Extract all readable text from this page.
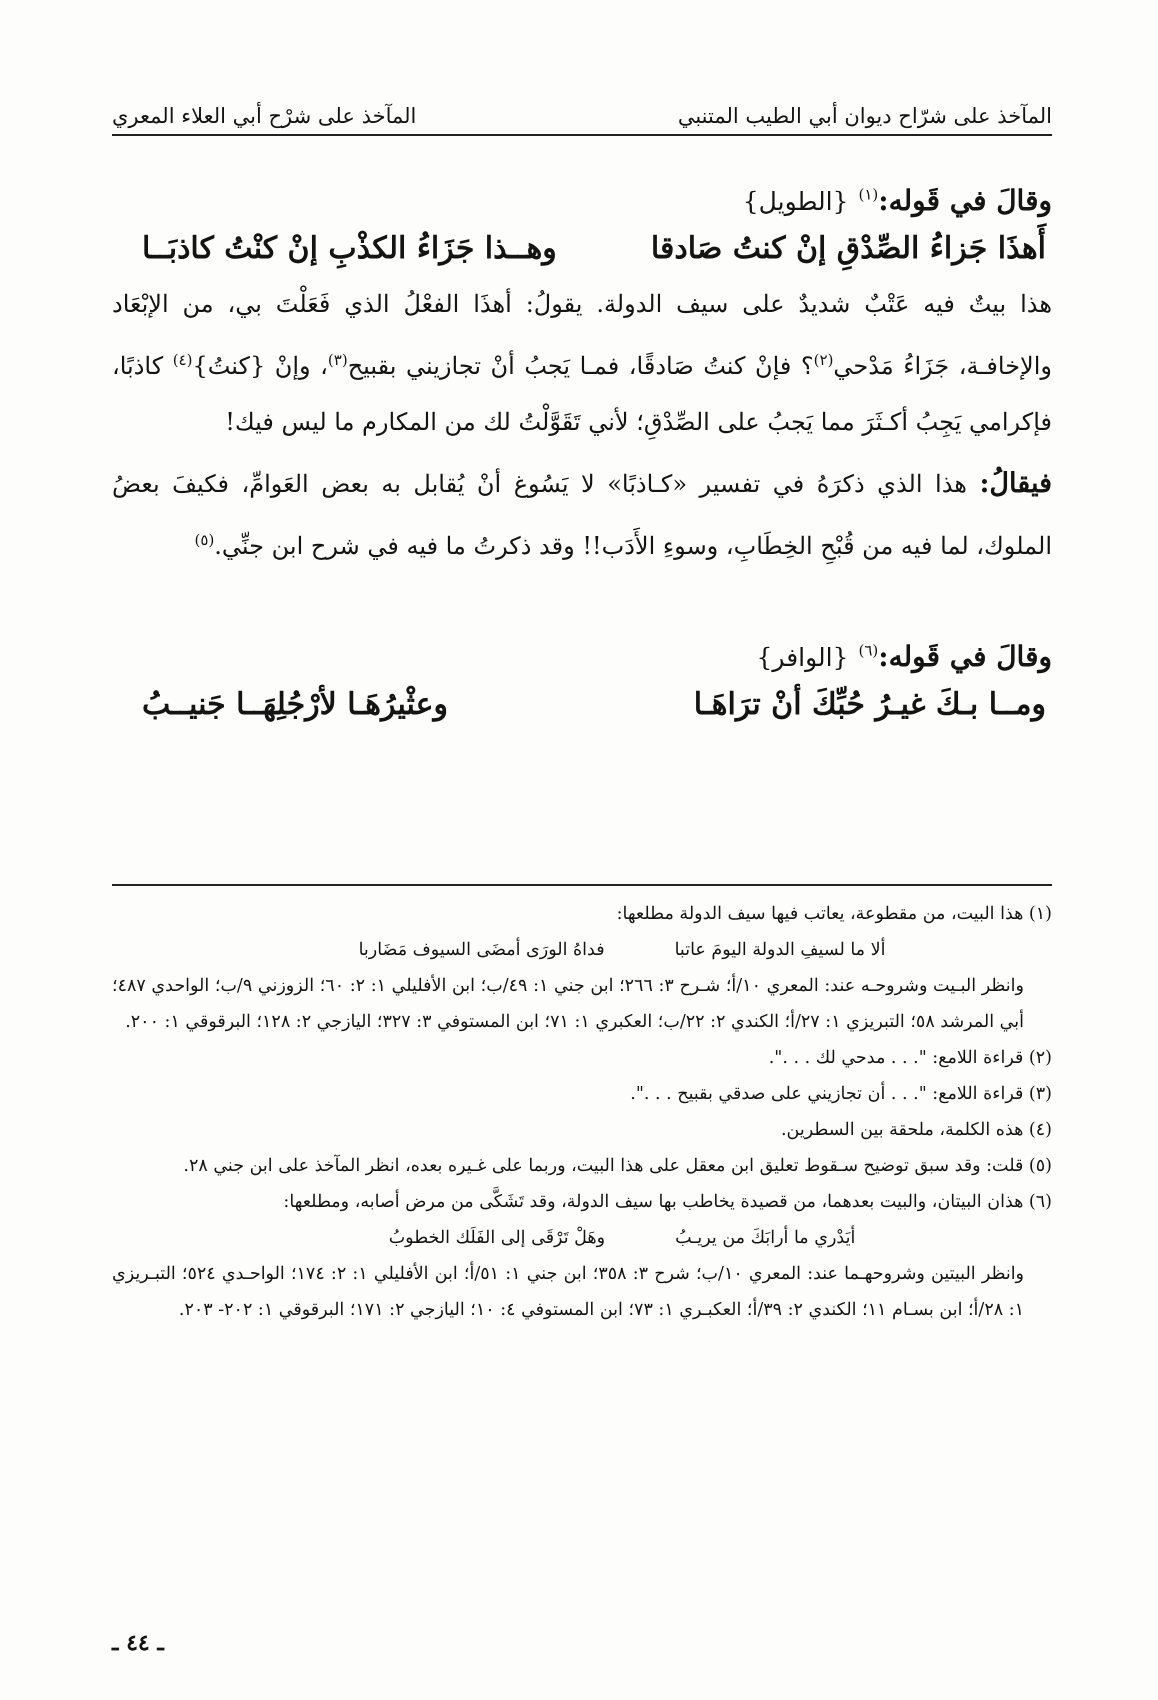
المآخذ على شرّاح ديوان أبي الطيب المتنبي
المآخذ على شرْح أبي العلاء المعري
وقالَ في قَوله:$^{(١)}$
{الطويل}
أَهذَا جَزاءُ الصِّدْقِ إنْ كنتُ صَادقا
وهــذا جَزَاءُ الكذْبِ إنْ كنْتُ كاذبَــا

هذا بيتٌ فيه عَتْبٌ شديدٌ على سيف الدولة. يقولُ: أهذَا الفعْلُ الذي فَعَلْتَ بي، من الإبْعَاد والإخافـة، جَزَاءُ مَدْحي$^{(٢)}$؟ فإنْ كنتُ صَادقًا، فمـا يَجبُ أنْ تجازيني بقبيح$^{(٣)}$، وإنْ {كنتُ}$^{(٤)}$ كاذبًا، فإكرامي يَجِبُ أكـثَرَ مما يَجبُ على الصِّدْقِ؛ لأني تَقَوَّلْتُ لك من المكارم ما ليس فيك!

فيقالُ: هذا الذي ذكرَهُ في تفسير «كـاذبًا» لا يَسُوغ أنْ يُقابل به بعض العَوامِّ، فكيفَ بعضُ الملوك، لما فيه من قُبْحِ الخِطَابِ، وسوءِ الأَدَب!! وقد ذكرتُ ما فيه في شرح ابن جنِّي.$^{(٥)}$

وقالَ في قَوله:$^{(٦)}$
{الوافر}
ومــا بـكَ غيـرُ حُبِّكَ أنْ ترَاهَـا
وعثْيرُهَـا لأرْجُلِهَــا جَنيــبُ

(١) هذا البيت، من مقطوعة، يعاتب فيها سيف الدولة مطلعها:

ألا ما لسيفِ الدولة اليومَ عاتبا
فداهُ الورَى أمضَى السيوف مَضَاربا

وانظر البـيت وشروحـه عند: المعري ١٠/أ؛ شـرح ٣: ٢٦٦؛ ابن جني ١: ٤٩/ب؛ ابن الأفليلي ١: ٢: ٦٠؛ الزوزني ٩/ب؛ الواحدي ٤٨٧؛ أبي المرشد ٥٨؛ التبريزي ١: ٢٧/أ؛ الكندي ٢: ٢٢/ب؛ العكبري ١: ٧١؛ ابن المستوفي ٣: ٣٢٧؛ اليازجي ٢: ١٢٨؛ البرقوقي ١: ٢٠٠.

(٢) قراءة اللامع: ". . . مدحي لك . . .".

(٣) قراءة اللامع: ". . . أن تجازيني على صدقي بقبيح . . .".

(٤) هذه الكلمة، ملحقة بين السطرين.

(٥) قلت: وقد سبق توضيح سـقوط تعليق ابن معقل على هذا البيت، وربما على غـيره بعده، انظر المآخذ على ابن جني ٢٨.

(٦) هذان البيتان، والبيت بعدهما، من قصيدة يخاطب بها سيف الدولة، وقد تَشَكَّى من مرض أصابه، ومطلعها:

أيَدْري ما أرابَكَ من يريـبُ
وهَلْ تَرْقَى إلى الفَلَك الخطوبُ

وانظر البيتين وشروحهـما عند: المعري ١٠/ب؛ شرح ٣: ٣٥٨؛ ابن جني ١: ٥١/أ؛ ابن الأفليلي ١: ٢: ١٧٤؛ الواحـدي ٥٢٤؛ التبـريزي ١: ٢٨/أ؛ ابن بسـام ١١؛ الكندي ٢: ٣٩/أ؛ العكبـري ١: ٧٣؛ ابن المستوفي ٤: ١٠؛ اليازجي ٢: ١٧١؛ البرقوقي ١: ٢٠٢- ٢٠٣.

ـ ٤٤ ـ
